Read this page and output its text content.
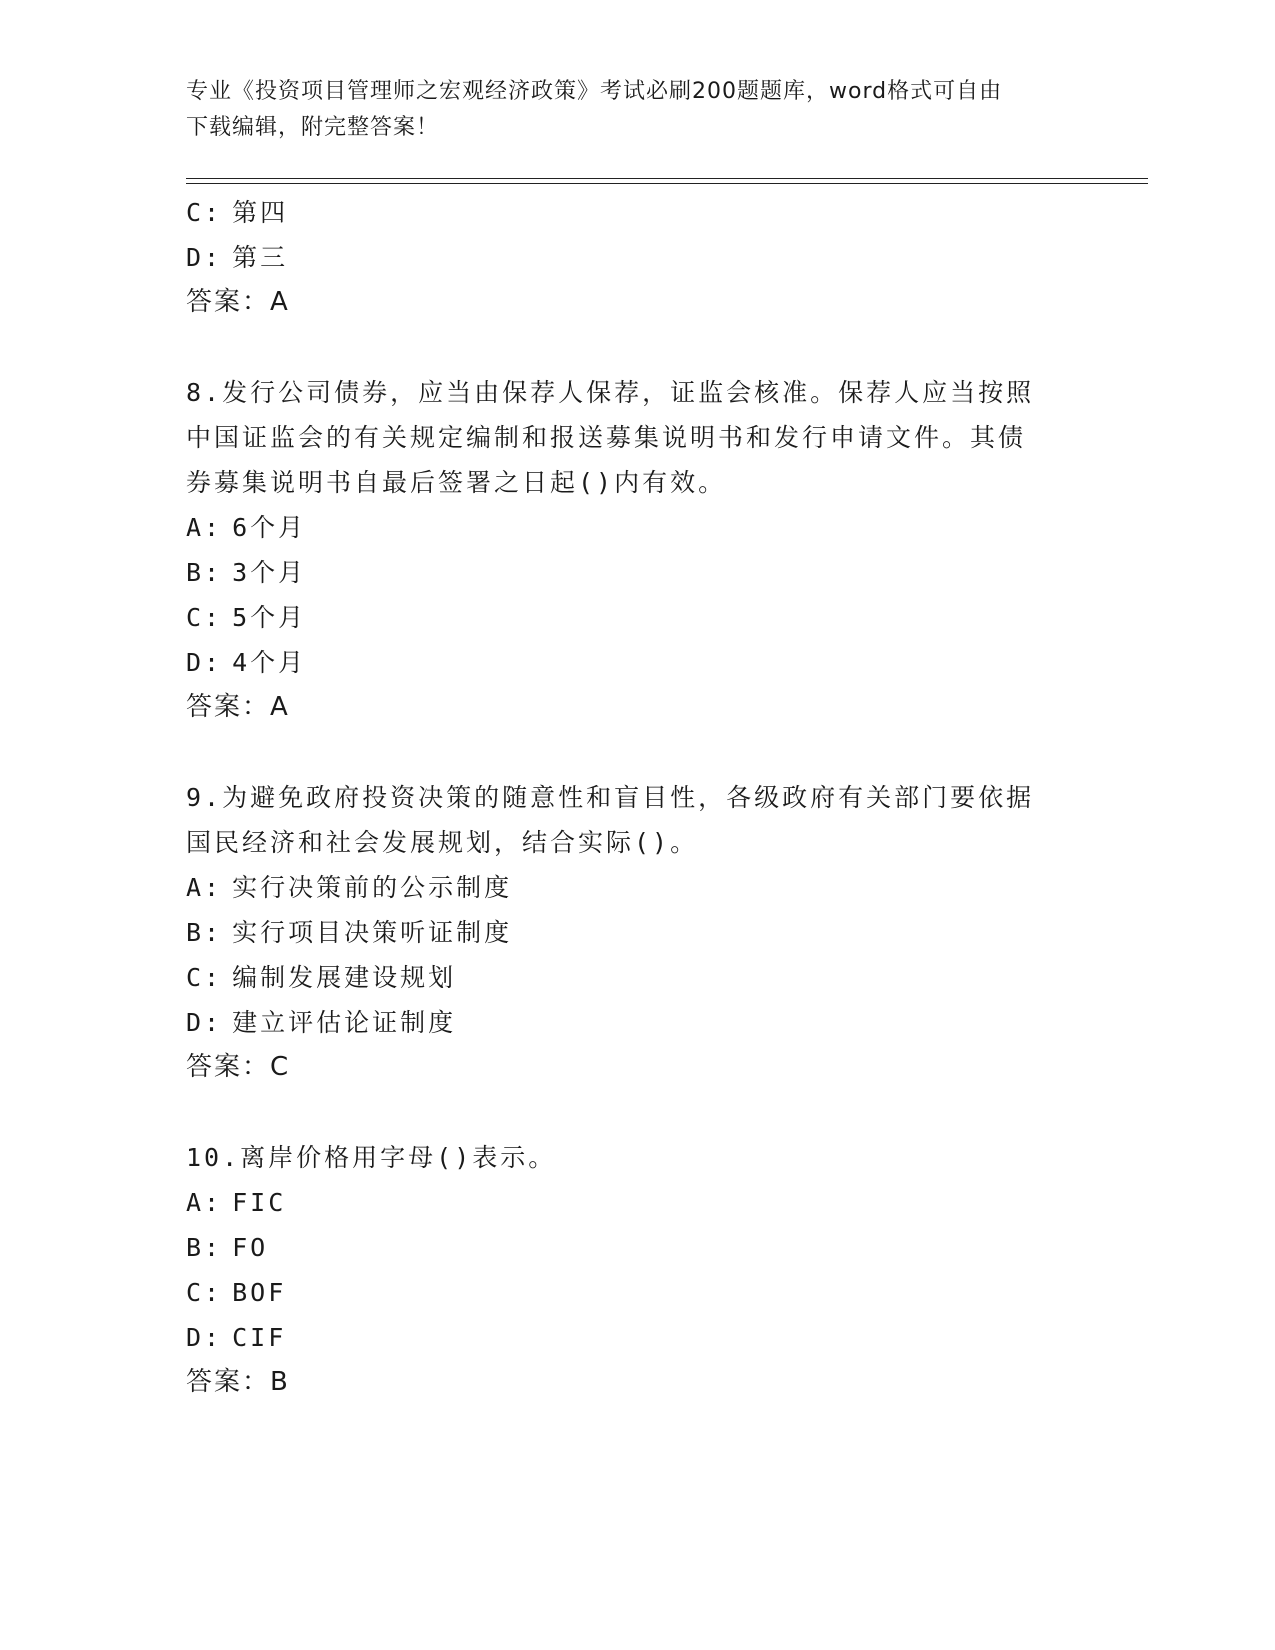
专业《投资项目管理师之宏观经济政策》考试必刷200题题库，word格式可自由
下载编辑，附完整答案！
C: 第四
D: 第三
答案：A
8.发行公司债券，应当由保荐人保荐，证监会核准。保荐人应当按照
中国证监会的有关规定编制和报送募集说明书和发行申请文件。其债
券募集说明书自最后签署之日起()内有效。
A: 6个月
B: 3个月
C: 5个月
D: 4个月
答案：A
9.为避免政府投资决策的随意性和盲目性，各级政府有关部门要依据
国民经济和社会发展规划，结合实际()。
A: 实行决策前的公示制度
B: 实行项目决策听证制度
C: 编制发展建设规划
D: 建立评估论证制度
答案：C
10.离岸价格用字母()表示。
A: FIC
B: FO
C: BOF
D: CIF
答案：B
